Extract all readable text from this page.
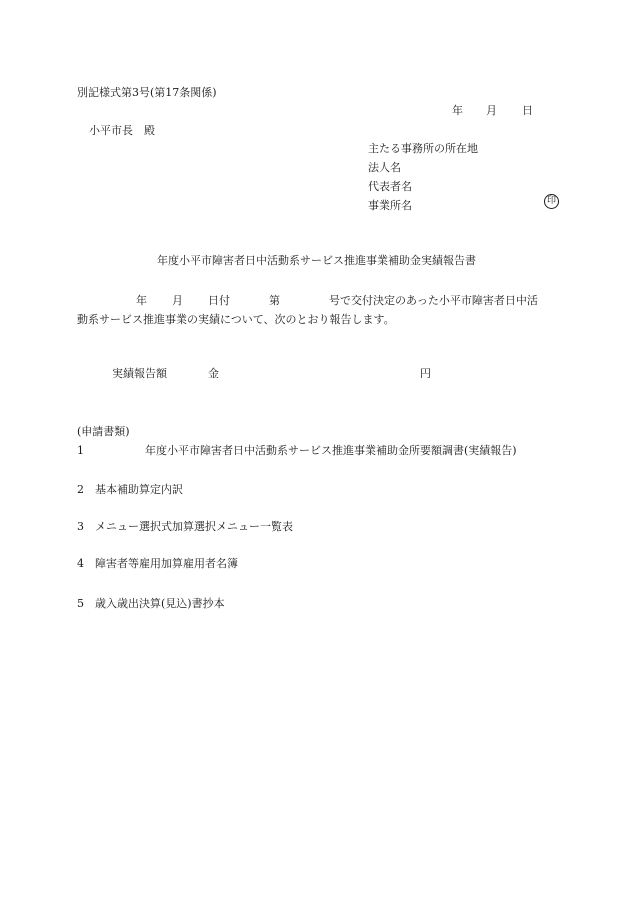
別記様式第3号(第17条関係)
年 月 日
小平市長　殿
主たる事務所の所在地
法人名
代表者名

印

事業所名
年度小平市障害者日中活動系サービス推進事業補助金実績報告書
年 月 日付	第	号で交付決定のあった小平市障害者日中活
動系サービス推進事業の実績について、次のとおり報告します。
実績報告額	金	円
(申請書類)
1	年度小平市障害者日中活動系サービス推進事業補助金所要額調書(実績報告)
2 基本補助算定内訳
3 メニュー選択式加算選択メニュー一覧表
4 障害者等雇用加算雇用者名簿
5 歳入歳出決算(見込)書抄本
